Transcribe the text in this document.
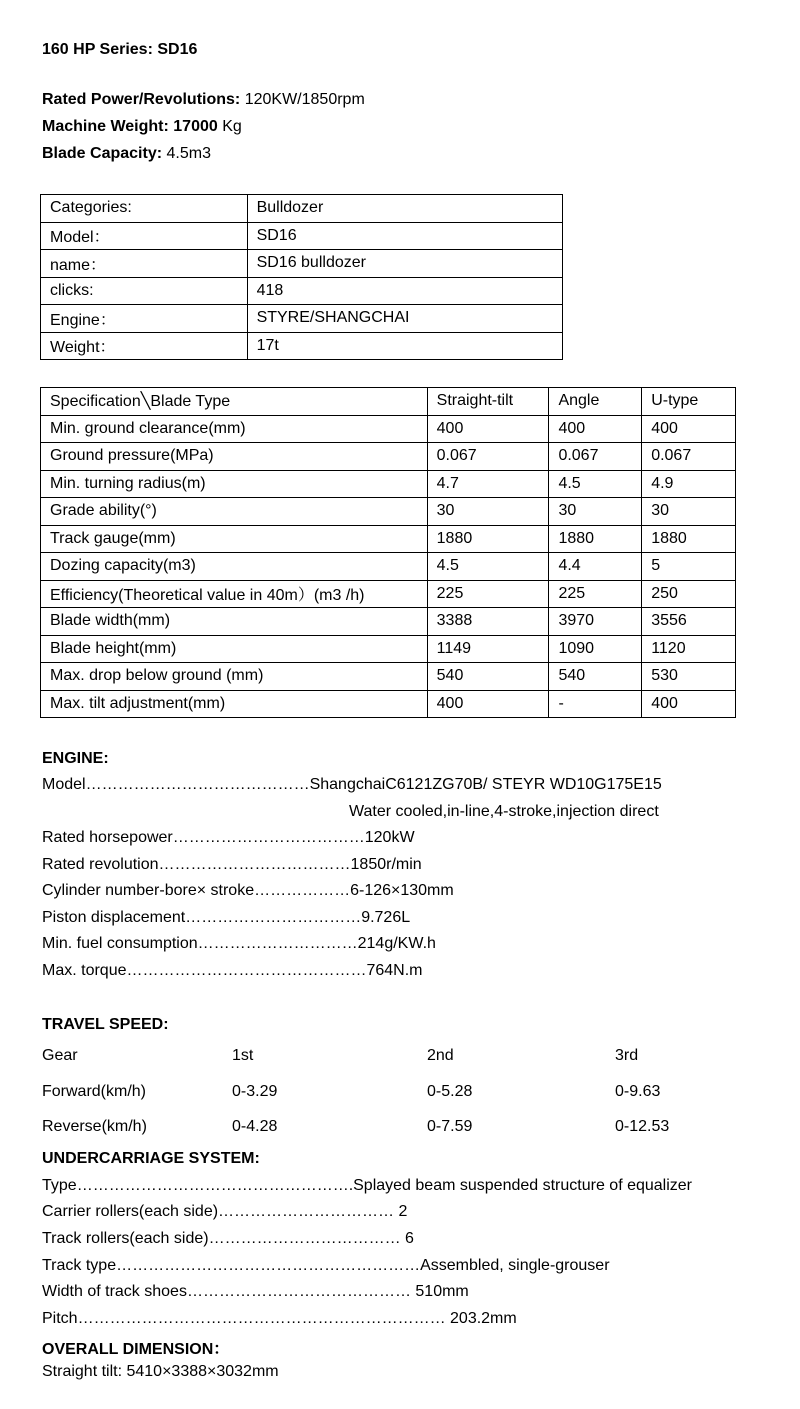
160 HP Series: SD16
Rated Power/Revolutions: 120KW/1850rpm
Machine Weight: 17000 Kg
Blade Capacity: 4.5m3
Categories:	Bulldozer
Model：	SD16
name：	SD16 bulldozer
clicks:	418
Engine：	STYRE/SHANGCHAI
Weight：	17t
Specification╲Blade Type	Straight-tilt	Angle	U-type
Min. ground clearance(mm)	400	400	400
Ground pressure(MPa)	0.067	0.067	0.067
Min. turning radius(m)	4.7	4.5	4.9
Grade ability(°)	30	30	30
Track gauge(mm)	1880	1880	1880
Dozing capacity(m3)	4.5	4.4	5
Efficiency(Theoretical value in 40m）(m3 /h)	225	225	250
Blade width(mm)	3388	3970	3556
Blade height(mm)	1149	1090	1120
Max. drop below ground (mm)	540	540	530
Max. tilt adjustment(mm)	400	-	400
ENGINE:
Model……………………………………ShangchaiC6121ZG70B/ STEYR WD10G175E15
Water cooled,in-line,4-stroke,injection direct
Rated horsepower………………………………120kW
Rated revolution………………………………1850r/min
Cylinder number-bore× stroke………………6-126×130mm
Piston displacement……………………………9.726L
Min. fuel consumption…………………………214g/KW.h
Max. torque………………………………………764N.m
TRAVEL SPEED:
Gear	1st	2nd	3rd
Forward(km/h)	0-3.29	0-5.28	0-9.63
Reverse(km/h)	0-4.28	0-7.59	0-12.53
UNDERCARRIAGE SYSTEM:
Type…………………………………………….Splayed beam suspended structure of equalizer
Carrier rollers(each side)…………………………… 2
Track rollers(each side)……………………………… 6
Track type…………………………………………………Assembled, single-grouser
Width of track shoes…………………………………… 510mm
Pitch…………………………………………………………… 203.2mm
OVERALL DIMENSION：
Straight tilt: 5410×3388×3032mm
